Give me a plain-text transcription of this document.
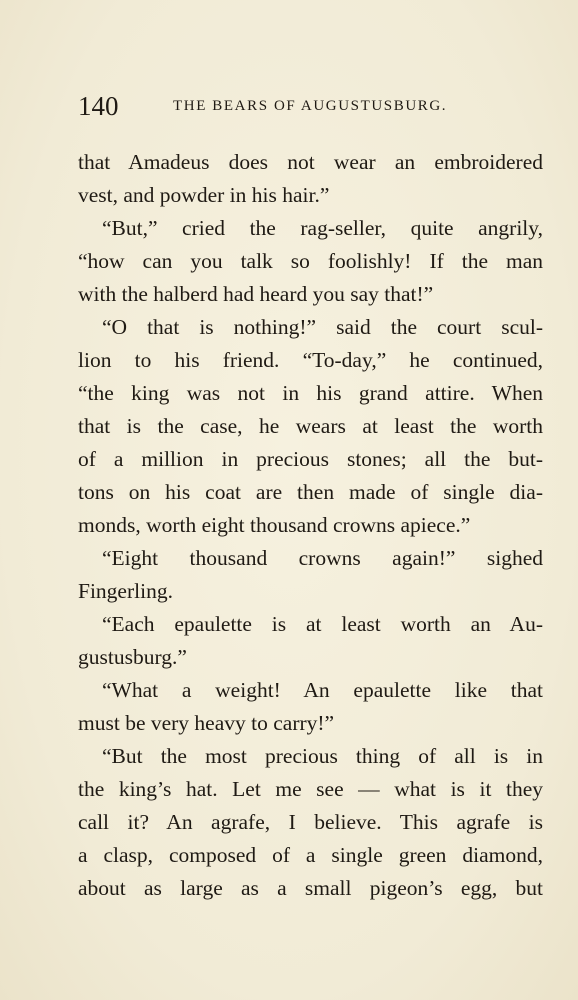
140	THE BEARS OF AUGUSTUSBURG.
that Amadeus does not wear an embroidered
vest, and powder in his hair.”
“But,” cried the rag-seller, quite angrily,
“how can you talk so foolishly! If the man
with the halberd had heard you say that!”
“O that is nothing!” said the court scul-
lion to his friend. “To-day,” he continued,
“the king was not in his grand attire. When
that is the case, he wears at least the worth
of a million in precious stones; all the but-
tons on his coat are then made of single dia-
monds, worth eight thousand crowns apiece.”
“Eight thousand crowns again!” sighed
Fingerling.
“Each epaulette is at least worth an Au-
gustusburg.”
“What a weight! An epaulette like that
must be very heavy to carry!”
“But the most precious thing of all is in
the king’s hat. Let me see — what is it they
call it? An agrafe, I believe. This agrafe is
a clasp, composed of a single green diamond,
about as large as a small pigeon’s egg, but
